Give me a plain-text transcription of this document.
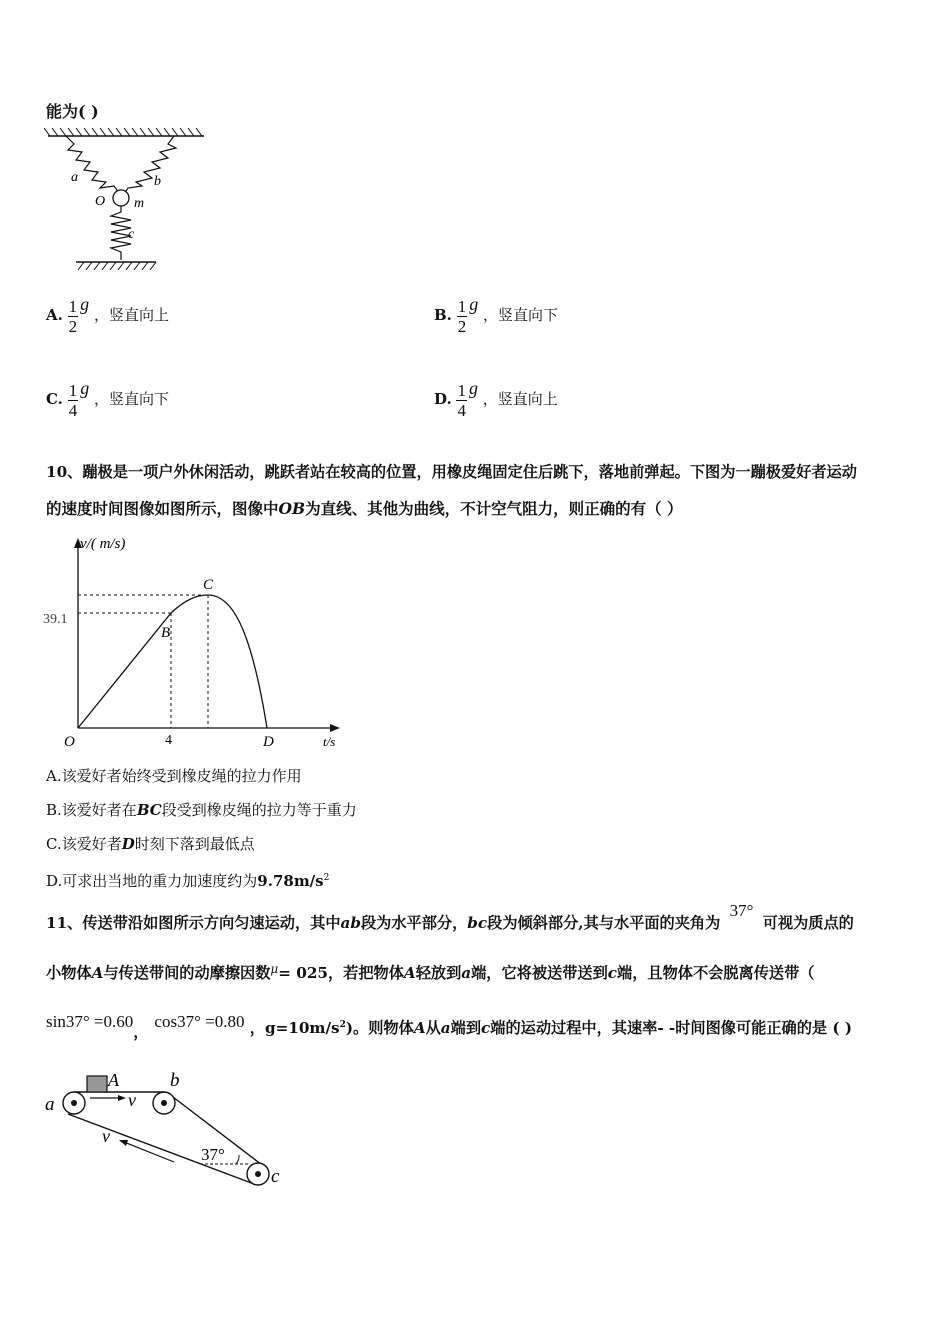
能为( )
a	b
O m
c
A. $\frac{1}{2}$ g ，竖直向上	B. $\frac{1}{2}$ g ，竖直向下
C. $\frac{1}{4}$ g ，竖直向下	D. $\frac{1}{4}$ g ，竖直向上
10、蹦极是一项户外休闲活动，跳跃者站在较高的位置，用橡皮绳固定住后跳下，落地前弹起。下图为一蹦极爱好者运动
的速度时间图像如图所示，图像中OB为直线、其他为曲线，不计空气阻力，则正确的有（ ）
v/( m/s)
t/s
39.1
4
O
B
C
D
A.该爱好者始终受到橡皮绳的拉力作用
B.该爱好者在BC段受到橡皮绳的拉力等于重力
C.该爱好者D时刻下落到最低点
D.可求出当地的重力加速度约为$9.78m/s^2$
11、传送带沿如图所示方向匀速运动，其中ab段为水平部分，bc段为倾斜部分,其与水平面的夹角为 37° 可视为质点的
小物体A与传送带间的动摩擦因数$^\mu$= 025，若把物体A轻放到a端，它将被送带送到c端，且物体不会脱离传送带（
sin37° =0.60，cos37° =0.80 ，$g=10m/s^2$)。则物体A从a端到c端的运动过程中，其速率- -时间图像可能正确的是 ( )
A
a
b
c
v
v
37°
